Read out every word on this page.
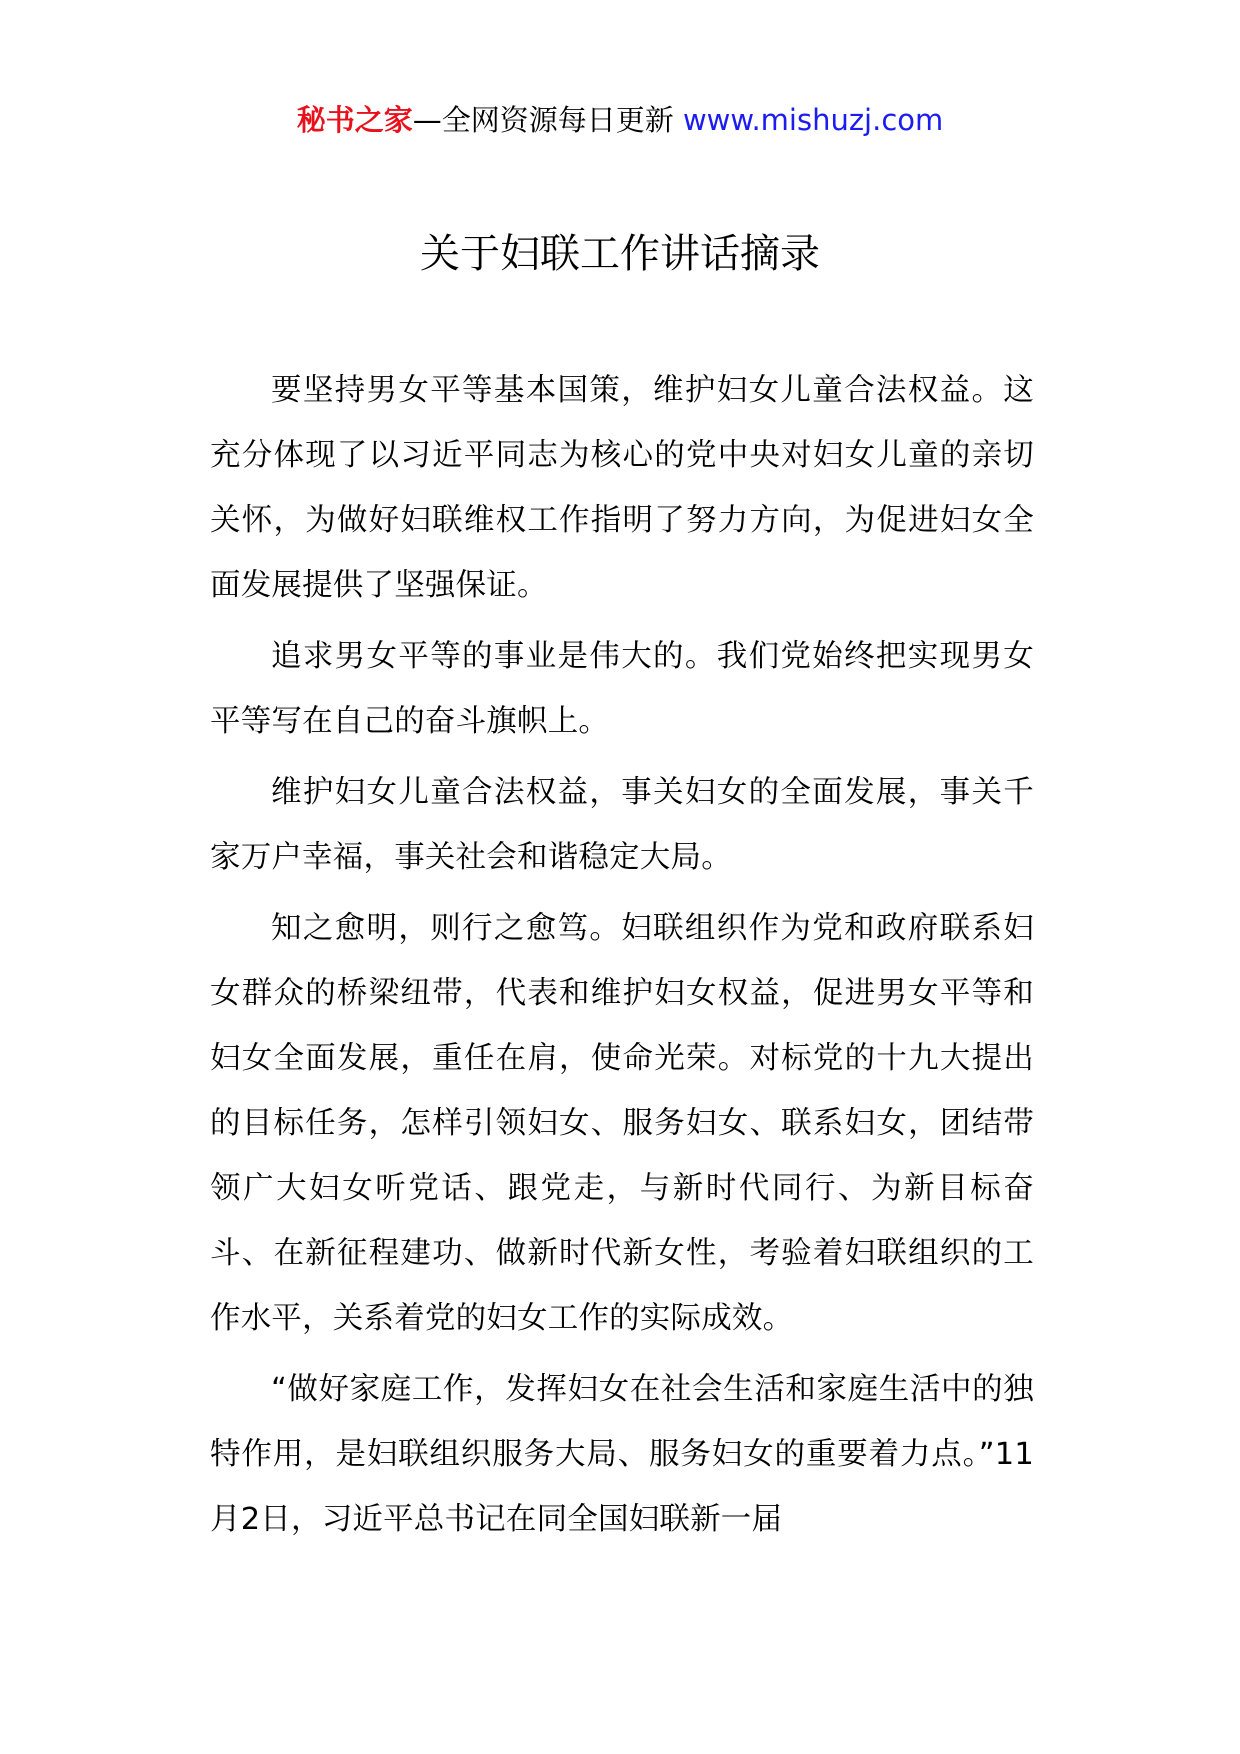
秘书之家—全网资源每日更新 www.mishuzj.com
关于妇联工作讲话摘录

要坚持男女平等基本国策，维护妇女儿童合法权益。这充分体现了以习近平同志为核心的党中央对妇女儿童的亲切关怀，为做好妇联维权工作指明了努力方向，为促进妇女全面发展提供了坚强保证。

追求男女平等的事业是伟大的。我们党始终把实现男女平等写在自己的奋斗旗帜上。

维护妇女儿童合法权益，事关妇女的全面发展，事关千家万户幸福，事关社会和谐稳定大局。

知之愈明，则行之愈笃。妇联组织作为党和政府联系妇女群众的桥梁纽带，代表和维护妇女权益，促进男女平等和妇女全面发展，重任在肩，使命光荣。对标党的十九大提出的目标任务，怎样引领妇女、服务妇女、联系妇女，团结带领广大妇女听党话、跟党走，与新时代同行、为新目标奋斗、在新征程建功、做新时代新女性，考验着妇联组织的工作水平，关系着党的妇女工作的实际成效。

“做好家庭工作，发挥妇女在社会生活和家庭生活中的独特作用，是妇联组织服务大局、服务妇女的重要着力点。”11月2日，习近平总书记在同全国妇联新一届
